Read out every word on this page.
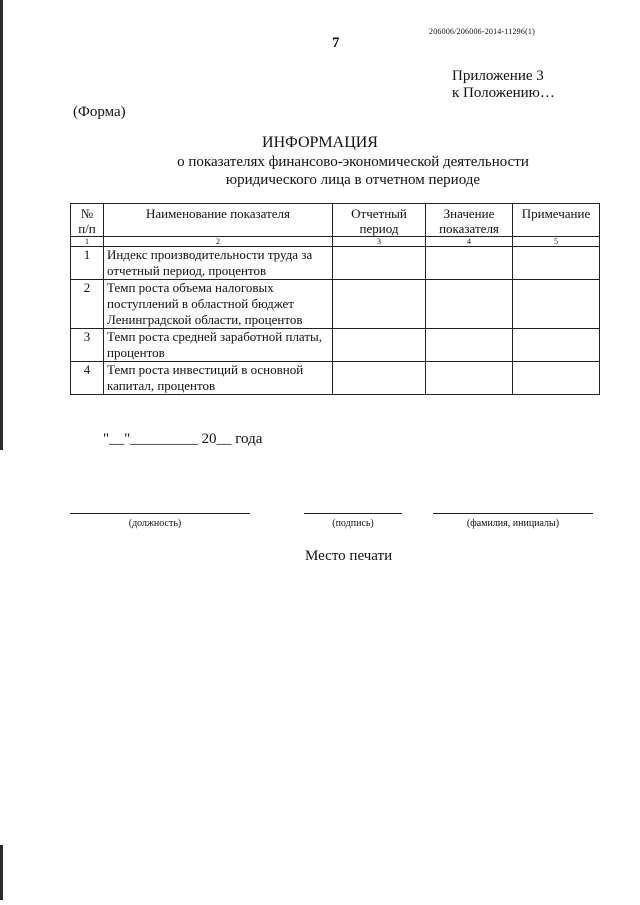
206006/206006-2014-11296(1)
7
Приложение 3
к Положению…
(Форма)
ИНФОРМАЦИЯ
о показателях финансово-экономической деятельности
юридического лица в отчетном периоде
№ п/п	Наименование показателя	Отчетный период	Значение показателя	Примечание
1	2	3	4	5
1	Индекс производительности труда за отчетный период, процентов			
2	Темп роста объема налоговых поступлений в областной бюджет Ленинградской области, процентов			
3	Темп роста средней заработной платы, процентов			
4	Темп роста инвестиций в основной капитал, процентов			
"__"_________ 20__ года
(должность)	(подпись)	(фамилия, инициалы)
Место печати
